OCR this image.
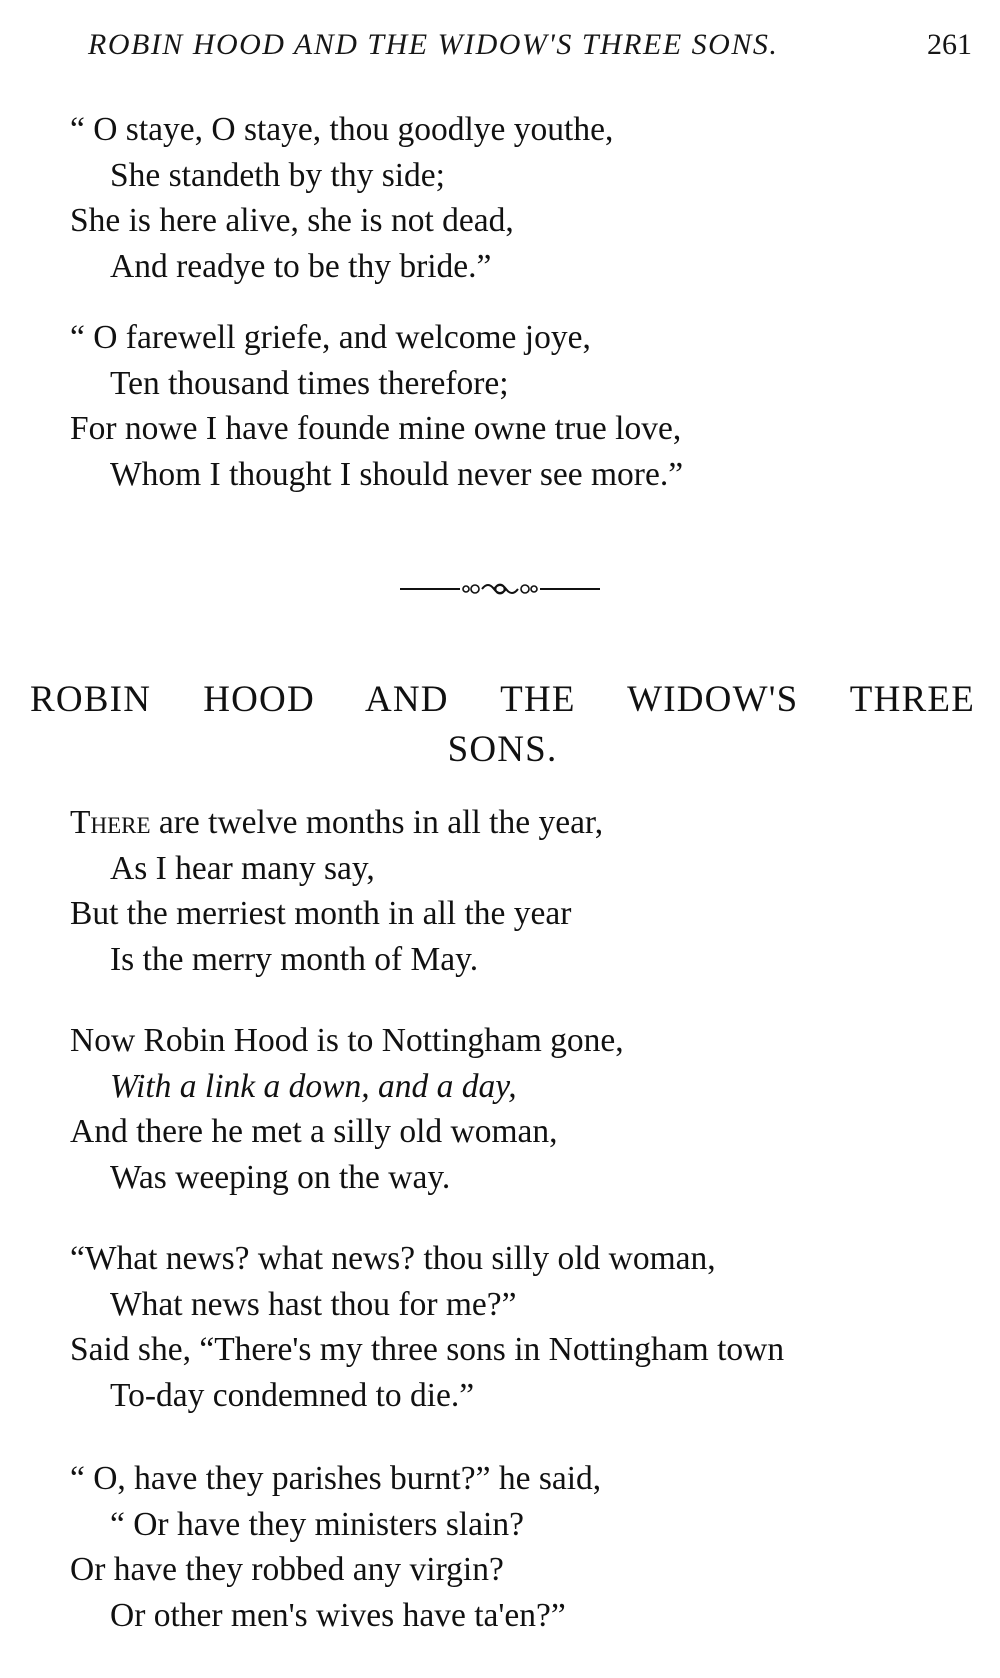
ROBIN HOOD AND THE WIDOW'S THREE SONS.	261
“ O staye, O staye, thou goodlye youthe,
She standeth by thy side;
She is here alive, she is not dead,
And readye to be thy bride.”
“ O farewell griefe, and welcome joye,
Ten thousand times therefore;
For nowe I have founde mine owne true love,
Whom I thought I should never see more.”
ROBIN HOOD AND THE WIDOW'S THREE
SONS.
There are twelve months in all the year,
As I hear many say,
But the merriest month in all the year
Is the merry month of May.
Now Robin Hood is to Nottingham gone,
With a link a down, and a day,
And there he met a silly old woman,
Was weeping on the way.
“What news? what news? thou silly old woman,
What news hast thou for me?”
Said she, “There's my three sons in Nottingham town
To-day condemned to die.”
“ O, have they parishes burnt?” he said,
“ Or have they ministers slain?
Or have they robbed any virgin?
Or other men's wives have ta'en?”
